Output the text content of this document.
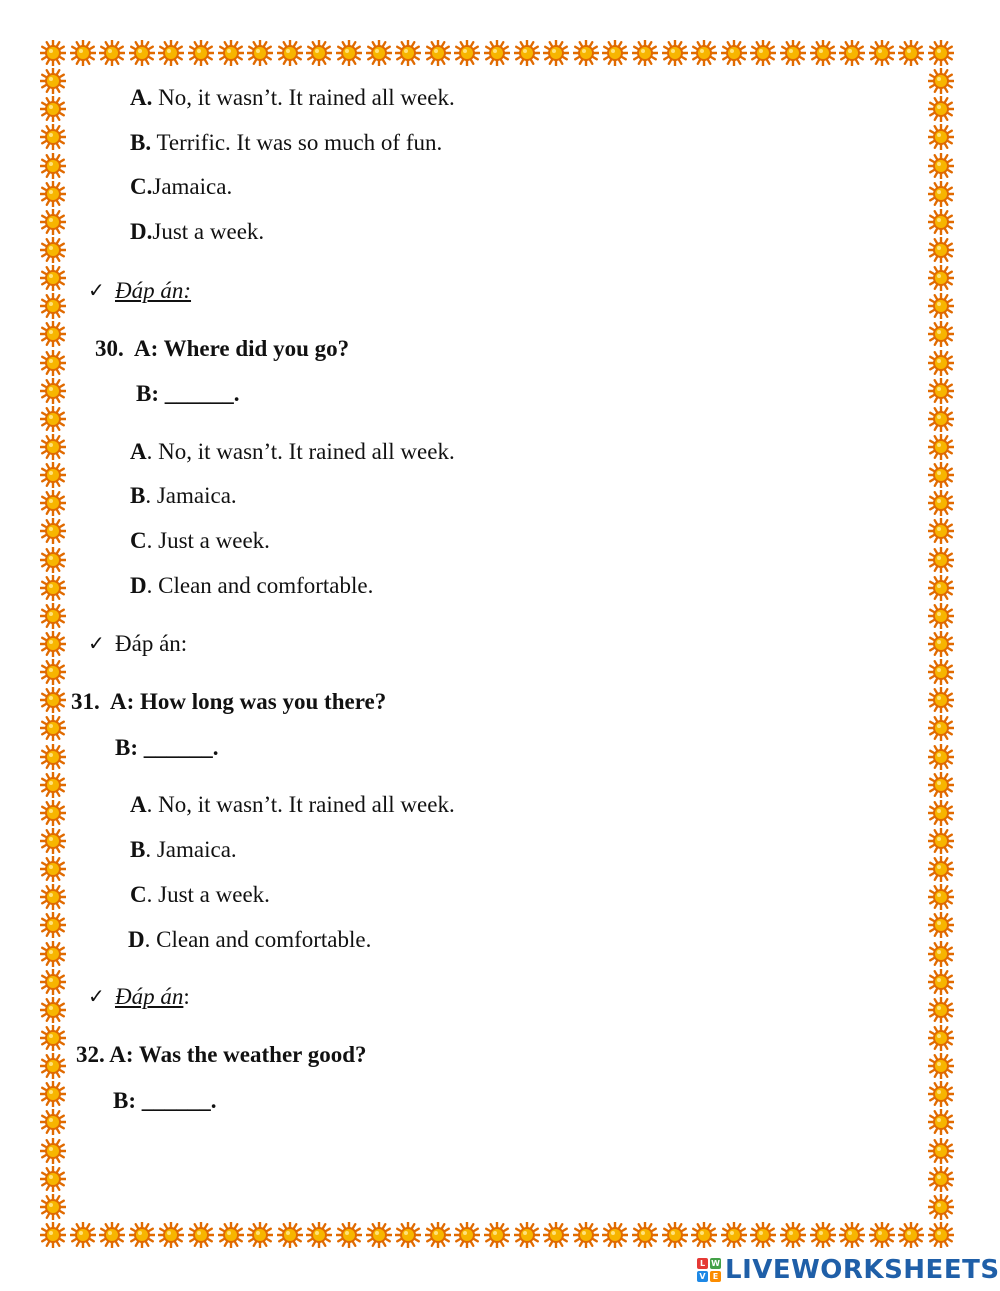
A. No, it wasn’t. It rained all week.
B. Terrific. It was so much of fun.
C.Jamaica.
D.Just a week.
✓ Đáp án:
30. A: Where did you go?
B: ______.
A. No, it wasn’t. It rained all week.
B. Jamaica.
C. Just a week.
D. Clean and comfortable.
✓ Đáp án:
31. A: How long was you there?
B: ______.
A. No, it wasn’t. It rained all week.
B. Jamaica.
C. Just a week.
D. Clean and comfortable.
✓ Đáp án:
32. A: Was the weather good?
B: ______.
L W
V E LIVEWORKSHEETS
